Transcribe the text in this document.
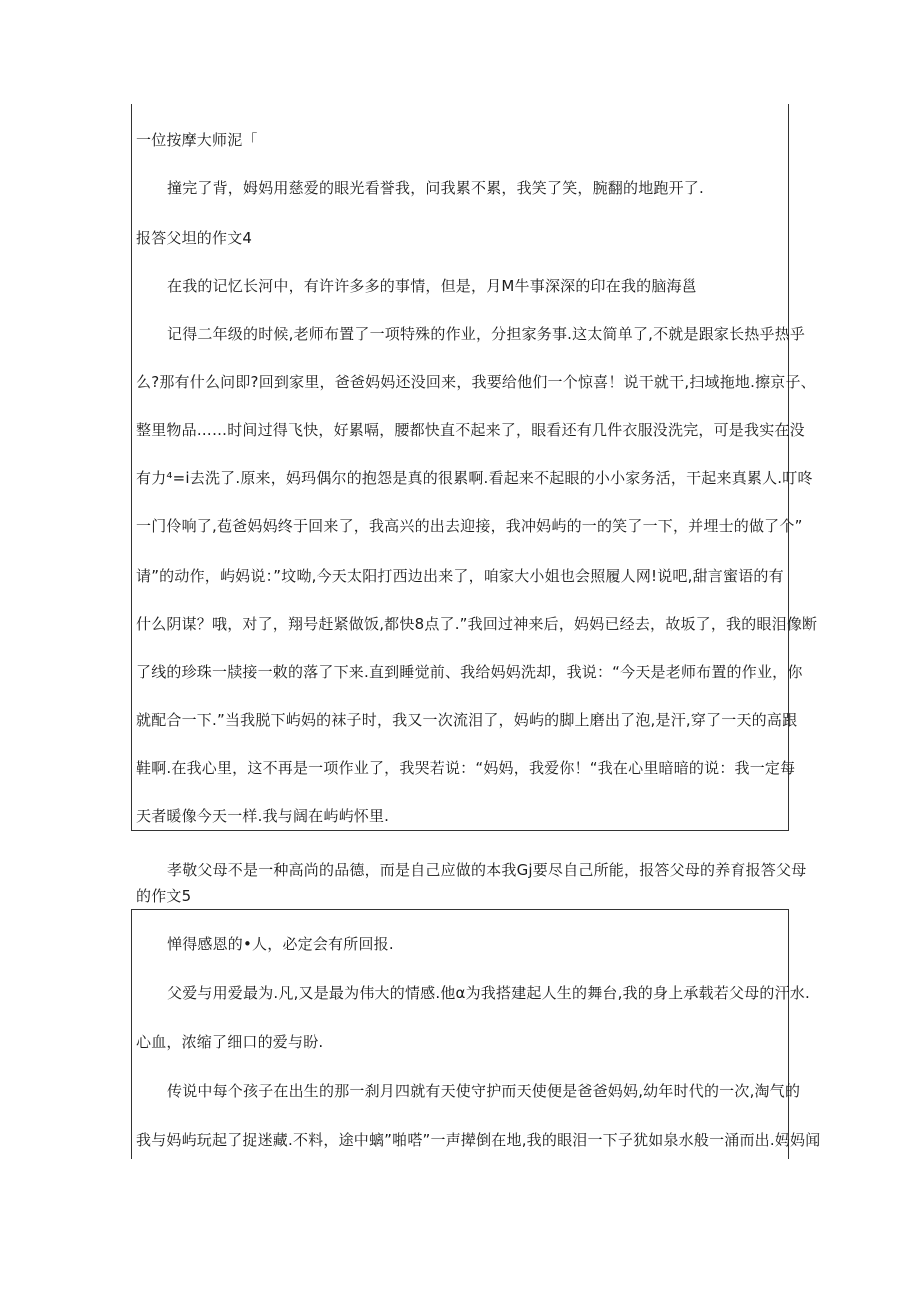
一位按摩大师泥「
撞完了背，姆妈用慈爱的眼光看誉我，问我累不累，我笑了笑，腕翻的地跑开了.
报答父坦的作文4
在我的记忆长河中，有许许多多的事情，但是，月M牛事深深的印在我的脑海邕
记得二年级的时候,老师布置了一项特殊的作业，分担家务事.这太简单了,不就是跟家长热乎热乎
么?那有什么问即?回到家里，爸爸妈妈还没回来，我要给他们一个惊喜！说干就干,扫域拖地.擦京子、
整里物品……时间过得飞快，好累嗝，腰都快直不起来了，眼看还有几件衣服没洗完，可是我实在没
有力⁴=i去洗了.原来，妈玛偶尔的抱怨是真的很累啊.看起来不起眼的小小家务活，干起来真累人.叮咚
一门伶响了,苞爸妈妈终于回来了，我高兴的出去迎接，我冲妈屿的一的笑了一下，并埋士的做了个”
请”的动作，屿妈说：”坟呦,今天太阳打西边出来了，咱家大小姐也会照履人网!说吧,甜言蜜语的有
什么阴谋？哦，对了，翔号赶紧做饭,都快8点了.”我回过神来后，妈妈已经去，故坂了，我的眼泪像断
了线的珍珠一牍接一敕的落了下来.直到睡觉前、我给妈妈洗却，我说：“今天是老师布置的作业，你
就配合一下.”当我脱下屿妈的袜子时，我又一次流泪了，妈屿的脚上磨出了泡,是汗,穿了一天的高跟
鞋啊.在我心里，这不再是一项作业了，我哭若说：“妈妈，我爱你！“我在心里暗暗的说：我一定每
天者暖像今天一样.我与阔在屿屿怀里.
孝敬父母不是一种高尚的品德，而是自己应做的本我Gj要尽自己所能，报答父母的养育报答父母
的作文5
惮得感恩的•人，必定会有所回报.
父爱与用爱最为.凡,又是最为伟大的情感.他α为我搭建起人生的舞台,我的身上承载若父母的汗水.
心血，浓缩了细口的爱与盼.
传说中每个孩子在出生的那一刹月四就有天使守护而天使便是爸爸妈妈,幼年时代的一次,淘气的
我与妈屿玩起了捉迷藏.不料，途中螭”啪嗒”一声撵倒在地,我的眼泪一下子犹如泉水般一涌而出.妈妈闻
